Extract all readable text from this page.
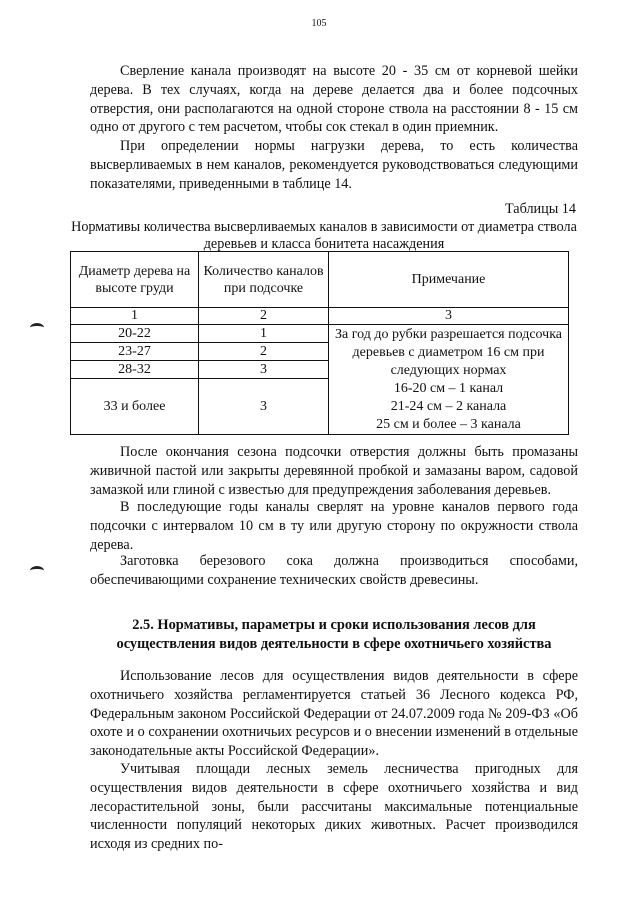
105

Сверление канала производят на высоте 20 - 35 см от корневой шейки дерева. В тех случаях, когда на дереве делается два и более подсочных отверстия, они располагаются на одной стороне ствола на расстоянии 8 - 15 см одно от другого с тем расчетом, чтобы сок стекал в один приемник.

При определении нормы нагрузки дерева, то есть количества высверливаемых в нем каналов, рекомендуется руководствоваться следующими показателями, приведенными в таблице 14.

Таблицы 14
Нормативы количества высверливаемых каналов в зависимости от диаметра ствола деревьев и класса бонитета насаждения
Диаметр дерева на высоте груди	Количество каналов при подсочке	Примечание
1	2	3
20-22	1	За год до рубки разрешается подсочка деревьев с диаметром 16 см при следующих нормах
16-20 см – 1 канал
21-24 см – 2 канала
25 см и более – 3 канала

23-27	2	
28-32	3	
33 и более	3	

После окончания сезона подсочки отверстия должны быть промазаны живичной пастой или закрыты деревянной пробкой и замазаны варом, садовой замазкой или глиной с известью для предупреждения заболевания деревьев.

В последующие годы каналы сверлят на уровне каналов первого года подсочки с интервалом 10 см в ту или другую сторону по окружности ствола дерева.

Заготовка березового сока должна производиться способами, обеспечивающими сохранение технических свойств древесины.

2.5. Нормативы, параметры и сроки использования лесов для осуществления видов деятельности в сфере охотничьего хозяйства

Использование лесов для осуществления видов деятельности в сфере охотничьего хозяйства регламентируется статьей 36 Лесного кодекса РФ, Федеральным законом Российской Федерации от 24.07.2009 года № 209-ФЗ «Об охоте и о сохранении охотничьих ресурсов и о внесении изменений в отдельные законодательные акты Российской Федерации».

Учитывая площади лесных земель лесничества пригодных для осуществления видов деятельности в сфере охотничьего хозяйства и вид лесорастительной зоны, были рассчитаны максимальные потенциальные численности популяций некоторых диких животных. Расчет производился исходя из средних по-
